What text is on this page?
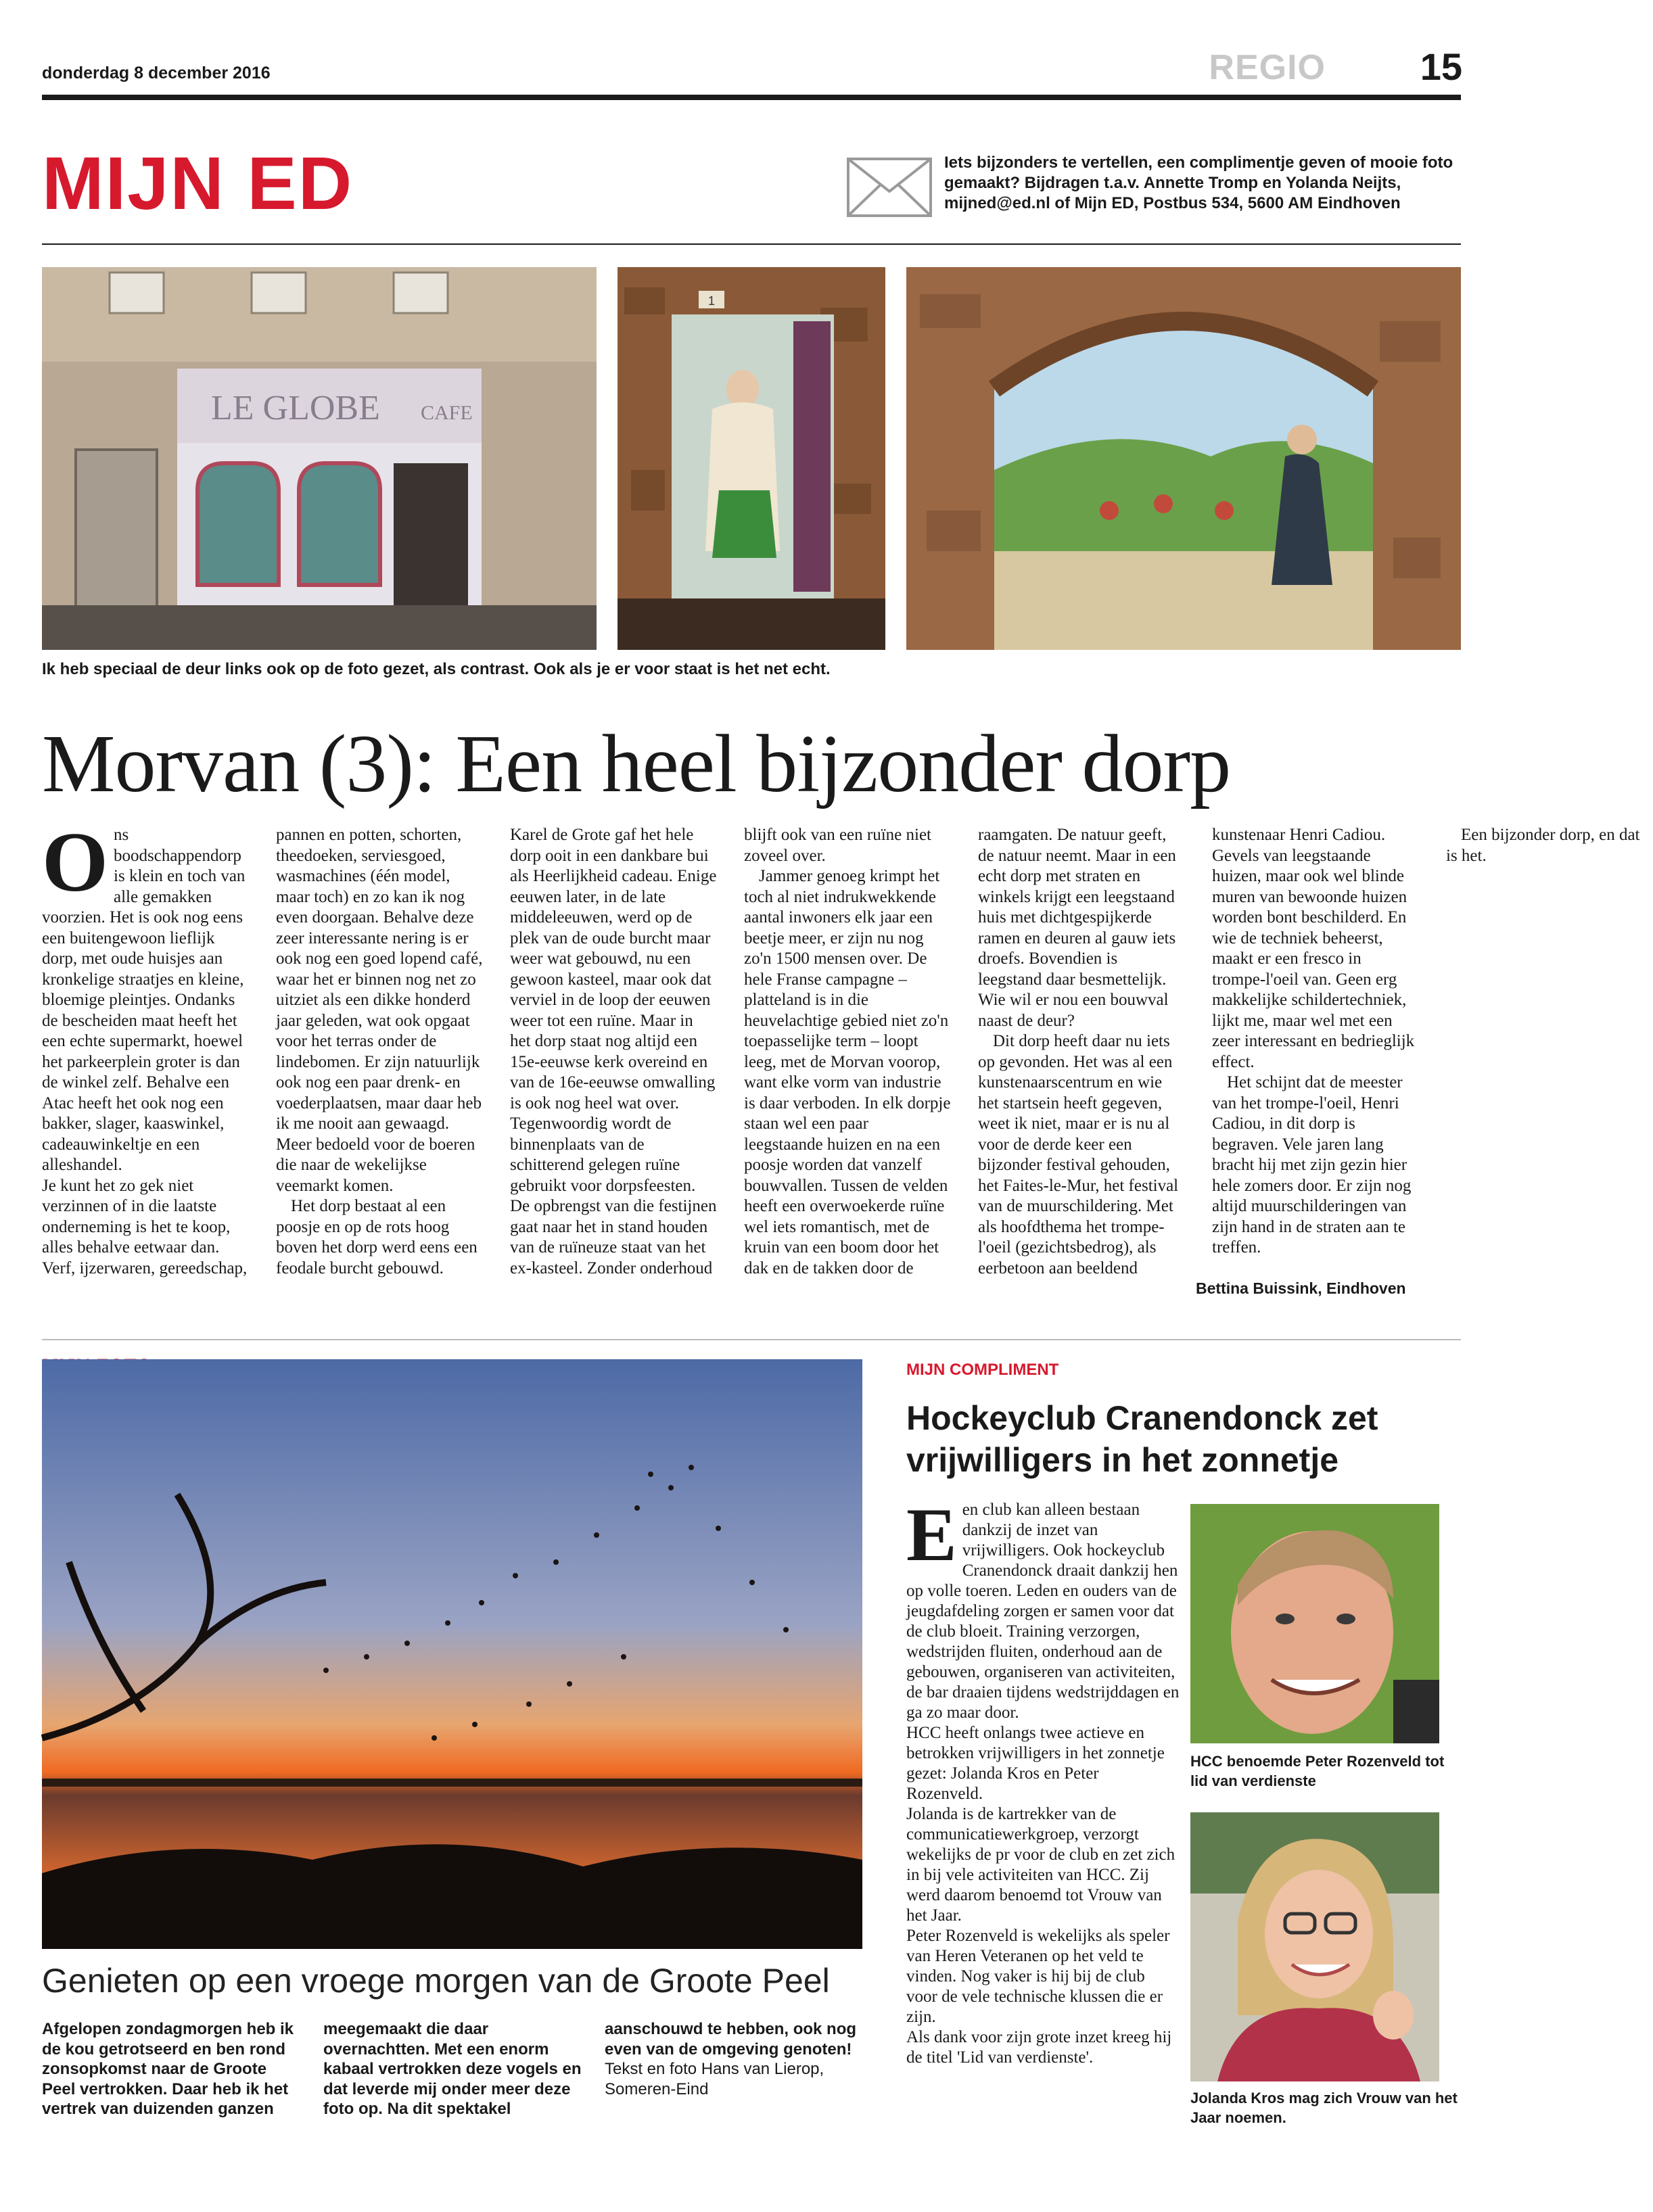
donderdag 8 december 2016	REGIO 15
MIJN ED	Iets bijzonders te vertellen, een complimentje geven of mooie foto gemaakt? Bijdragen t.a.v. Annette Tromp en Yolanda Neijts, mijned@ed.nl of Mijn ED, Postbus 534, 5600 AM Eindhoven
LE GLOBE CAFE
1
Ik heb speciaal de deur links ook op de foto gezet, als contrast. Ook als je er voor staat is het net echt.
Morvan (3): Een heel bijzonder dorp

Ons boodschappendorp is klein en toch van alle gemakken voorzien. Het is ook nog eens een buitengewoon lieflijk dorp, met oude huisjes aan kronkelige straatjes en kleine, bloemige pleintjes. Ondanks de bescheiden maat heeft het een echte supermarkt, hoewel het parkeerplein groter is dan de winkel zelf. Behalve een Atac heeft het ook nog een bakker, slager, kaaswinkel, cadeauwinkeltje en een alleshandel.

Je kunt het zo gek niet verzinnen of in die laatste onderneming is het te koop, alles behalve eetwaar dan. Verf, ijzerwaren, gereedschap, pannen en potten, schorten, theedoeken, serviesgoed, wasmachines (één model, maar toch) en zo kan ik nog even doorgaan. Behalve deze zeer interessante nering is er ook nog een goed lopend café, waar het er binnen nog net zo uitziet als een dikke honderd jaar geleden, wat ook opgaat voor het terras onder de lindebomen. Er zijn natuurlijk ook nog een paar drenk- en voederplaatsen, maar daar heb ik me nooit aan gewaagd. Meer bedoeld voor de boeren die naar de wekelijkse veemarkt komen.

Het dorp bestaat al een poosje en op de rots hoog boven het dorp werd eens een feodale burcht gebouwd. Karel de Grote gaf het hele dorp ooit in een dankbare bui als Heerlijkheid cadeau. Enige eeuwen later, in de late middeleeuwen, werd op de plek van de oude burcht maar weer wat gebouwd, nu een gewoon kasteel, maar ook dat verviel in de loop der eeuwen weer tot een ruïne. Maar in het dorp staat nog altijd een 15e-eeuwse kerk overeind en van de 16e-eeuwse omwalling is ook nog heel wat over.

Tegenwoordig wordt de binnenplaats van de schitterend gelegen ruïne gebruikt voor dorpsfeesten. De opbrengst van die festijnen gaat naar het in stand houden van de ruïneuze staat van het ex-kasteel. Zonder onderhoud blijft ook van een ruïne niet zoveel over.

Jammer genoeg krimpt het toch al niet indrukwekkende aantal inwoners elk jaar een beetje meer, er zijn nu nog zo'n 1500 mensen over. De hele Franse campagne – platteland is in die heuvelachtige gebied niet zo'n toepasselijke term – loopt leeg, met de Morvan voorop, want elke vorm van industrie is daar verboden. In elk dorpje staan wel een paar leegstaande huizen en na een poosje worden dat vanzelf bouwvallen. Tussen de velden heeft een overwoekerde ruïne wel iets romantisch, met de kruin van een boom door het dak en de takken door de raamgaten. De natuur geeft, de natuur neemt. Maar in een echt dorp met straten en winkels krijgt een leegstaand huis met dichtgespijkerde ramen en deuren al gauw iets droefs. Bovendien is leegstand daar besmettelijk. Wie wil er nou een bouwval naast de deur?

Dit dorp heeft daar nu iets op gevonden. Het was al een kunstenaarscentrum en wie het startsein heeft gegeven, weet ik niet, maar er is nu al voor de derde keer een bijzonder festival gehouden, het Faites-le-Mur, het festival van de muurschildering. Met als hoofdthema het trompe-l'oeil (gezichtsbedrog), als eerbetoon aan beeldend kunstenaar Henri Cadiou. Gevels van leegstaande huizen, maar ook wel blinde muren van bewoonde huizen worden bont beschilderd. En wie de techniek beheerst, maakt er een fresco in trompe-l'oeil van. Geen erg makkelijke schildertechniek, lijkt me, maar wel met een zeer interessant en bedrieglijk effect.

Het schijnt dat de meester van het trompe-l'oeil, Henri Cadiou, in dit dorp is begraven. Vele jaren lang bracht hij met zijn gezin hier hele zomers door. Er zijn nog altijd muurschilderingen van zijn hand in de straten aan te treffen.

Een bijzonder dorp, en dat is het.

Bettina Buissink, Eindhoven
Genieten op een vroege morgen van de Groote Peel

Afgelopen zondagmorgen heb ik de kou getrotseerd en ben rond zonsopkomst naar de Groote Peel vertrokken. Daar heb ik het vertrek van duizenden ganzen meegemaakt die daar overnachtten. Met een enorm kabaal vertrokken deze vogels en dat leverde mij onder meer deze foto op. Na dit spektakel aanschouwd te hebben, ook nog even van de omgeving genoten!

Tekst en foto Hans van Lierop, Someren-Eind

MIJN COMPLIMENT
Hockeyclub Cranendonck zet vrijwilligers in het zonnetje

Een club kan alleen bestaan dankzij de inzet van vrijwilligers. Ook hockeyclub Cranendonck draait dankzij hen op volle toeren. Leden en ouders van de jeugdafdeling zorgen er samen voor dat de club bloeit. Training verzorgen, wedstrijden fluiten, onderhoud aan de gebouwen, organiseren van activiteiten, de bar draaien tijdens wedstrijddagen en ga zo maar door.

HCC heeft onlangs twee actieve en betrokken vrijwilligers in het zonnetje gezet: Jolanda Kros en Peter Rozenveld.

Jolanda is de kartrekker van de communicatiewerkgroep, verzorgt wekelijks de pr voor de club en zet zich in bij vele activiteiten van HCC. Zij werd daarom benoemd tot Vrouw van het Jaar.

Peter Rozenveld is wekelijks als speler van Heren Veteranen op het veld te vinden. Nog vaker is hij bij de club voor de vele technische klussen die er zijn.

Als dank voor zijn grote inzet kreeg hij de titel 'Lid van verdienste'.

HCC benoemde Peter Rozenveld tot lid van verdienste
Jolanda Kros mag zich Vrouw van het Jaar noemen.
